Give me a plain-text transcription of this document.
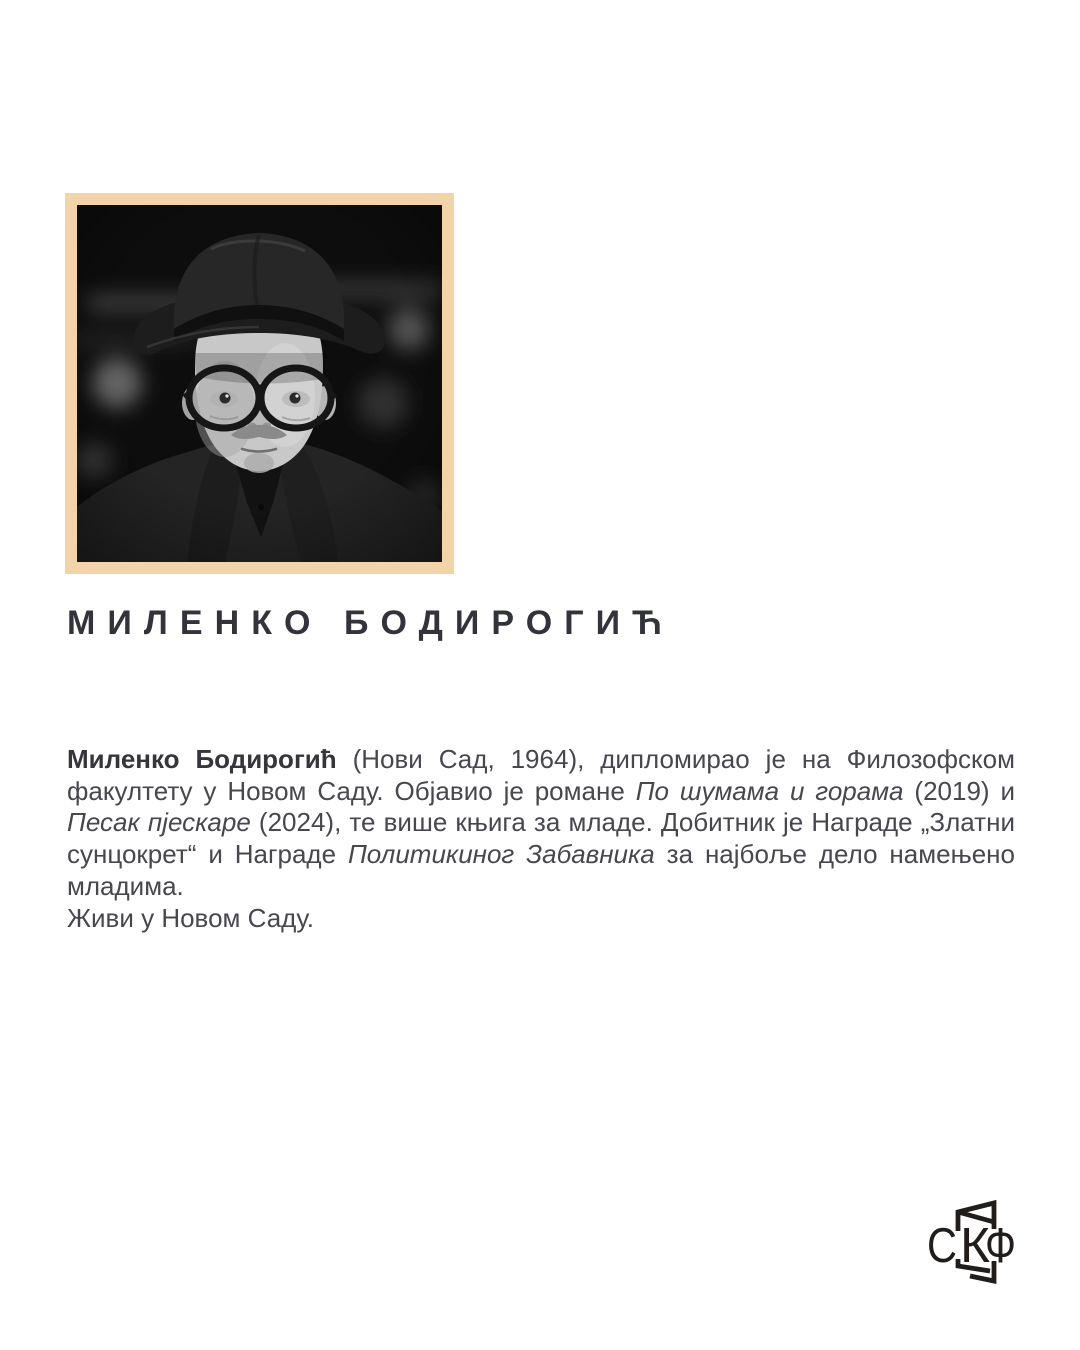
МИЛЕНКО БОДИРОГИЋ
Миленко Бодирогић (Нови Сад, 1964), дипломирао је на Филозофском
факултету у Новом Саду. Објавио је романе По шумама и горама (2019) и
Песак пјескаре (2024), те више књига за младе. Добитник је Награде „Златни
сунцокрет“ и Награде Политикиног Забавника за најбоље дело намењено
младима.
Живи у Новом Саду.
С К
Ф
